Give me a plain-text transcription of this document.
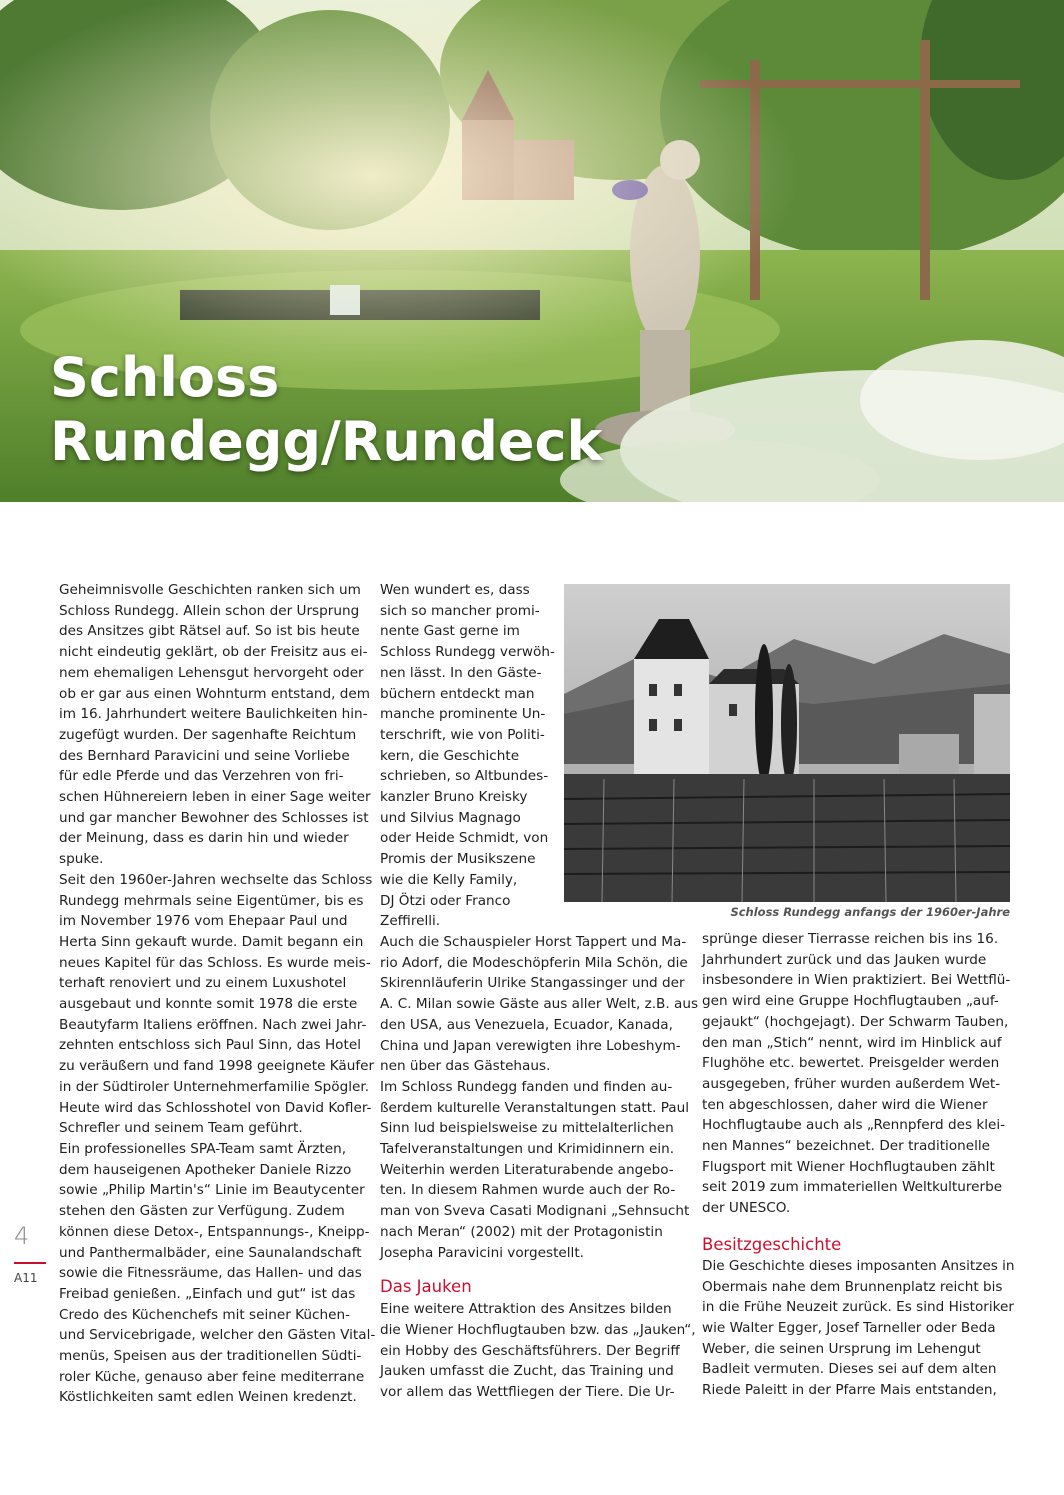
Schloss
Rundegg/Rundeck
Geheimnisvolle Geschichten ranken sich um
Schloss Rundegg. Allein schon der Ursprung
des Ansitzes gibt Rätsel auf. So ist bis heute
nicht eindeutig geklärt, ob der Freisitz aus ei-
nem ehemaligen Lehensgut hervorgeht oder
ob er gar aus einen Wohnturm entstand, dem
im 16. Jahrhundert weitere Baulichkeiten hin-
zugefügt wurden. Der sagenhafte Reichtum
des Bernhard Paravicini und seine Vorliebe
für edle Pferde und das Verzehren von fri-
schen Hühnereiern leben in einer Sage weiter
und gar mancher Bewohner des Schlosses ist
der Meinung, dass es darin hin und wieder
spuke.
Seit den 1960er-Jahren wechselte das Schloss
Rundegg mehrmals seine Eigentümer, bis es
im November 1976 vom Ehepaar Paul und
Herta Sinn gekauft wurde. Damit begann ein
neues Kapitel für das Schloss. Es wurde meis-
terhaft renoviert und zu einem Luxushotel
ausgebaut und konnte somit 1978 die erste
Beautyfarm Italiens eröffnen. Nach zwei Jahr-
zehnten entschloss sich Paul Sinn, das Hotel
zu veräußern und fand 1998 geeignete Käufer
in der Südtiroler Unternehmerfamilie Spögler.
Heute wird das Schlosshotel von David Kofler-
Schrefler und seinem Team geführt.
Ein professionelles SPA-Team samt Ärzten,
dem hauseigenen Apotheker Daniele Rizzo
sowie „Philip Martin's“ Linie im Beautycenter
stehen den Gästen zur Verfügung. Zudem
können diese Detox-, Entspannungs-, Kneipp-
und Panthermalbäder, eine Saunalandschaft
sowie die Fitnessräume, das Hallen- und das
Freibad genießen. „Einfach und gut“ ist das
Credo des Küchenchefs mit seiner Küchen-
und Servicebrigade, welcher den Gästen Vital-
menüs, Speisen aus der traditionellen Südti-
roler Küche, genauso aber feine mediterrane
Köstlichkeiten samt edlen Weinen kredenzt.
Wen wundert es, dass
sich so mancher promi-
nente Gast gerne im
Schloss Rundegg verwöh-
nen lässt. In den Gäste-
büchern entdeckt man
manche prominente Un-
terschrift, wie von Politi-
kern, die Geschichte
schrieben, so Altbundes-
kanzler Bruno Kreisky
und Silvius Magnago
oder Heide Schmidt, von
Promis der Musikszene
wie die Kelly Family,
DJ Ötzi oder Franco
Zeffirelli.

Schloss Rundegg anfangs der 1960er-Jahre

Auch die Schauspieler Horst Tappert und Ma-
rio Adorf, die Modeschöpferin Mila Schön, die
Skirennläuferin Ulrike Stangassinger und der
A. C. Milan sowie Gäste aus aller Welt, z.B. aus
den USA, aus Venezuela, Ecuador, Kanada,
China und Japan verewigten ihre Lobeshym-
nen über das Gästehaus.
Im Schloss Rundegg fanden und finden au-
ßerdem kulturelle Veranstaltungen statt. Paul
Sinn lud beispielsweise zu mittelalterlichen
Tafelveranstaltungen und Krimidinnern ein.
Weiterhin werden Literaturabende angebo-
ten. In diesem Rahmen wurde auch der Ro-
man von Sveva Casati Modignani „Sehnsucht
nach Meran“ (2002) mit der Protagonistin
Josepha Paravicini vorgestellt.

Das Jauken

Eine weitere Attraktion des Ansitzes bilden
die Wiener Hochflugtauben bzw. das „Jauken“,
ein Hobby des Geschäftsführers. Der Begriff
Jauken umfasst die Zucht, das Training und
vor allem das Wettfliegen der Tiere. Die Ur-
sprünge dieser Tierrasse reichen bis ins 16.
Jahrhundert zurück und das Jauken wurde
insbesondere in Wien praktiziert. Bei Wettflü-
gen wird eine Gruppe Hochflugtauben „auf-
gejaukt“ (hochgejagt). Der Schwarm Tauben,
den man „Stich“ nennt, wird im Hinblick auf
Flughöhe etc. bewertet. Preisgelder werden
ausgegeben, früher wurden außerdem Wet-
ten abgeschlossen, daher wird die Wiener
Hochflugtaube auch als „Rennpferd des klei-
nen Mannes“ bezeichnet. Der traditionelle
Flugsport mit Wiener Hochflugtauben zählt
seit 2019 zum immateriellen Weltkulturerbe
der UNESCO.

Besitzgeschichte

Die Geschichte dieses imposanten Ansitzes in
Obermais nahe dem Brunnenplatz reicht bis
in die Frühe Neuzeit zurück. Es sind Historiker
wie Walter Egger, Josef Tarneller oder Beda
Weber, die seinen Ursprung im Lehengut
Badleit vermuten. Dieses sei auf dem alten
Riede Paleitt in der Pfarre Mais entstanden,

4

A11
